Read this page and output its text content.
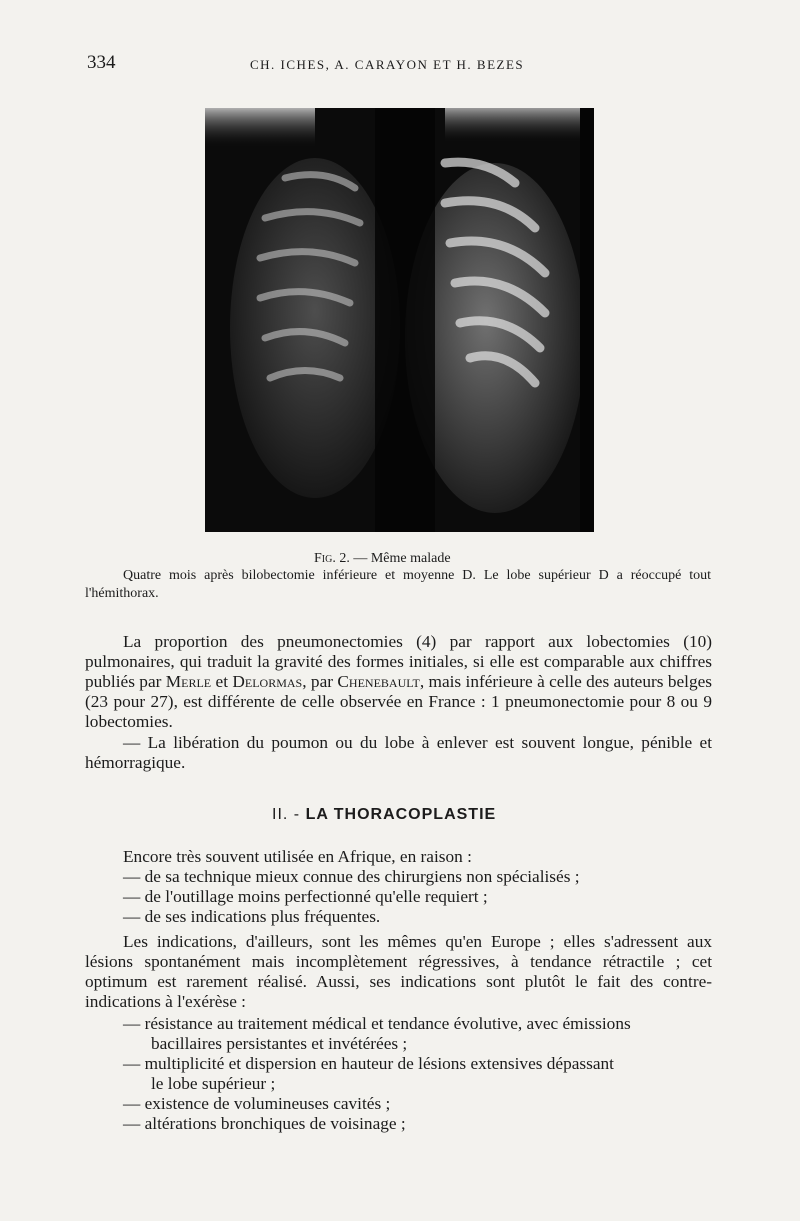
334	CH. ICHES, A. CARAYON ET H. BEZES
Fig. 2. — Même malade
Quatre mois après bilobectomie inférieure et moyenne D. Le lobe supérieur D a réoccupé tout l'hémithorax.
La proportion des pneumonectomies (4) par rapport aux lobectomies (10) pulmonaires, qui traduit la gravité des formes initiales, si elle est comparable aux chiffres publiés par Merle et Delormas, par Chenebault, mais inférieure à celle des auteurs belges (23 pour 27), est différente de celle observée en France : 1 pneumonectomie pour 8 ou 9 lobectomies.
— La libération du poumon ou du lobe à enlever est souvent longue, pénible et hémorragique.
II. - LA THORACOPLASTIE
Encore très souvent utilisée en Afrique, en raison :
— de sa technique mieux connue des chirurgiens non spécialisés ;
— de l'outillage moins perfectionné qu'elle requiert ;
— de ses indications plus fréquentes.
Les indications, d'ailleurs, sont les mêmes qu'en Europe ; elles s'adressent aux lésions spontanément mais incomplètement régressives, à tendance rétractile ; cet optimum est rarement réalisé. Aussi, ses indications sont plutôt le fait des contre-indications à l'exérèse :
— résistance au traitement médical et tendance évolutive, avec émissions
bacillaires persistantes et invétérées ;
— multiplicité et dispersion en hauteur de lésions extensives dépassant
le lobe supérieur ;
— existence de volumineuses cavités ;
— altérations bronchiques de voisinage ;
